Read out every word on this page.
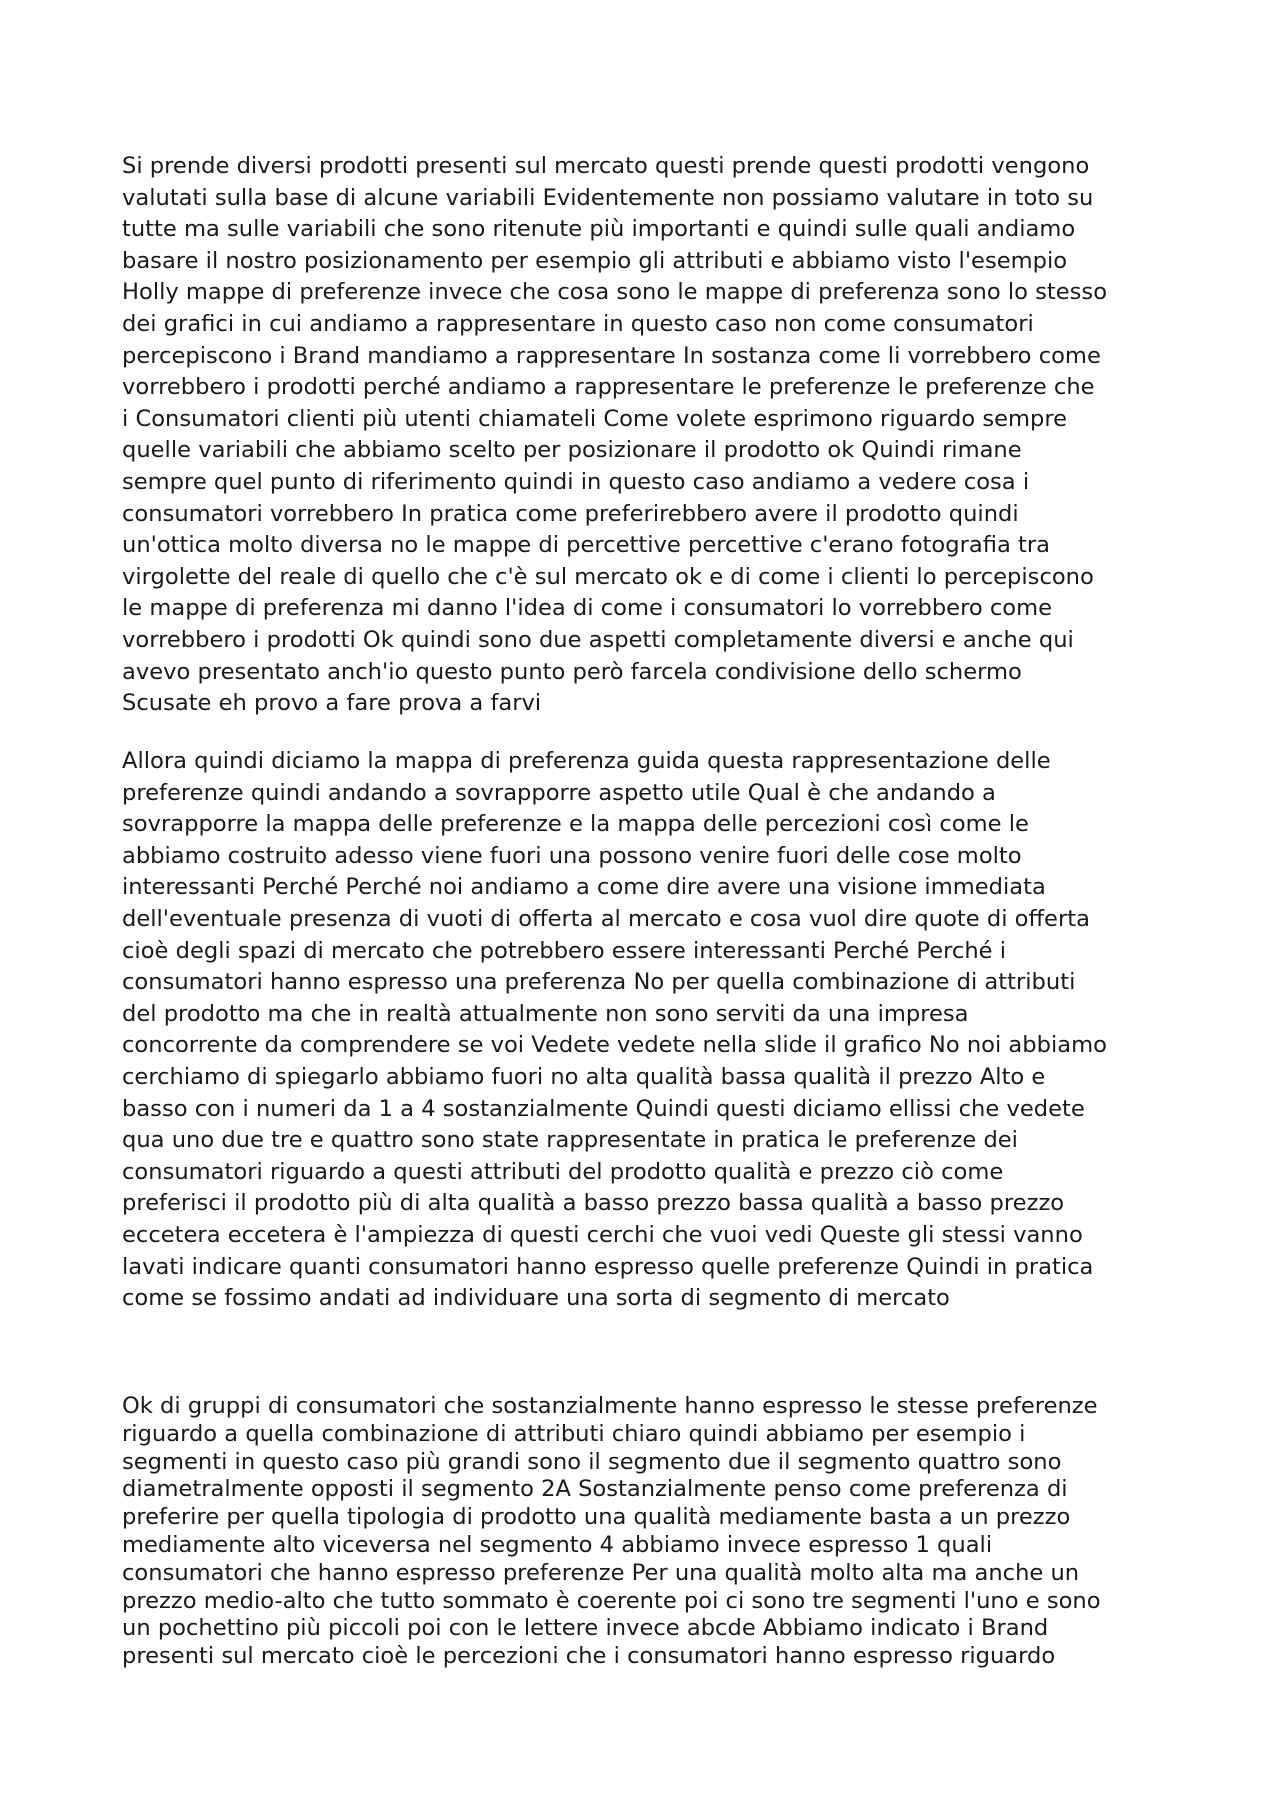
Si prende diversi prodotti presenti sul mercato questi prende questi prodotti vengono
valutati sulla base di alcune variabili Evidentemente non possiamo valutare in toto su
tutte ma sulle variabili che sono ritenute più importanti e quindi sulle quali andiamo
basare il nostro posizionamento per esempio gli attributi e abbiamo visto l'esempio
Holly mappe di preferenze invece che cosa sono le mappe di preferenza sono lo stesso
dei grafici in cui andiamo a rappresentare in questo caso non come consumatori
percepiscono i Brand mandiamo a rappresentare In sostanza come li vorrebbero come
vorrebbero i prodotti perché andiamo a rappresentare le preferenze le preferenze che
i Consumatori clienti più utenti chiamateli Come volete esprimono riguardo sempre
quelle variabili che abbiamo scelto per posizionare il prodotto ok Quindi rimane
sempre quel punto di riferimento quindi in questo caso andiamo a vedere cosa i
consumatori vorrebbero In pratica come preferirebbero avere il prodotto quindi
un'ottica molto diversa no le mappe di percettive percettive c'erano fotografia tra
virgolette del reale di quello che c'è sul mercato ok e di come i clienti lo percepiscono
le mappe di preferenza mi danno l'idea di come i consumatori lo vorrebbero come
vorrebbero i prodotti Ok quindi sono due aspetti completamente diversi e anche qui
avevo presentato anch'io questo punto però farcela condivisione dello schermo
Scusate eh provo a fare prova a farvi

Allora quindi diciamo la mappa di preferenza guida questa rappresentazione delle
preferenze quindi andando a sovrapporre aspetto utile Qual è che andando a
sovrapporre la mappa delle preferenze e la mappa delle percezioni così come le
abbiamo costruito adesso viene fuori una possono venire fuori delle cose molto
interessanti Perché Perché noi andiamo a come dire avere una visione immediata
dell'eventuale presenza di vuoti di offerta al mercato e cosa vuol dire quote di offerta
cioè degli spazi di mercato che potrebbero essere interessanti Perché Perché i
consumatori hanno espresso una preferenza No per quella combinazione di attributi
del prodotto ma che in realtà attualmente non sono serviti da una impresa
concorrente da comprendere se voi Vedete vedete nella slide il grafico No noi abbiamo
cerchiamo di spiegarlo abbiamo fuori no alta qualità bassa qualità il prezzo Alto e
basso con i numeri da 1 a 4 sostanzialmente Quindi questi diciamo ellissi che vedete
qua uno due tre e quattro sono state rappresentate in pratica le preferenze dei
consumatori riguardo a questi attributi del prodotto qualità e prezzo ciò come
preferisci il prodotto più di alta qualità a basso prezzo bassa qualità a basso prezzo
eccetera eccetera è l'ampiezza di questi cerchi che vuoi vedi Queste gli stessi vanno
lavati indicare quanti consumatori hanno espresso quelle preferenze Quindi in pratica
come se fossimo andati ad individuare una sorta di segmento di mercato

Ok di gruppi di consumatori che sostanzialmente hanno espresso le stesse preferenze
riguardo a quella combinazione di attributi chiaro quindi abbiamo per esempio i
segmenti in questo caso più grandi sono il segmento due il segmento quattro sono
diametralmente opposti il segmento 2A Sostanzialmente penso come preferenza di
preferire per quella tipologia di prodotto una qualità mediamente basta a un prezzo
mediamente alto viceversa nel segmento 4 abbiamo invece espresso 1 quali
consumatori che hanno espresso preferenze Per una qualità molto alta ma anche un
prezzo medio-alto che tutto sommato è coerente poi ci sono tre segmenti l'uno e sono
un pochettino più piccoli poi con le lettere invece abcde Abbiamo indicato i Brand
presenti sul mercato cioè le percezioni che i consumatori hanno espresso riguardo
